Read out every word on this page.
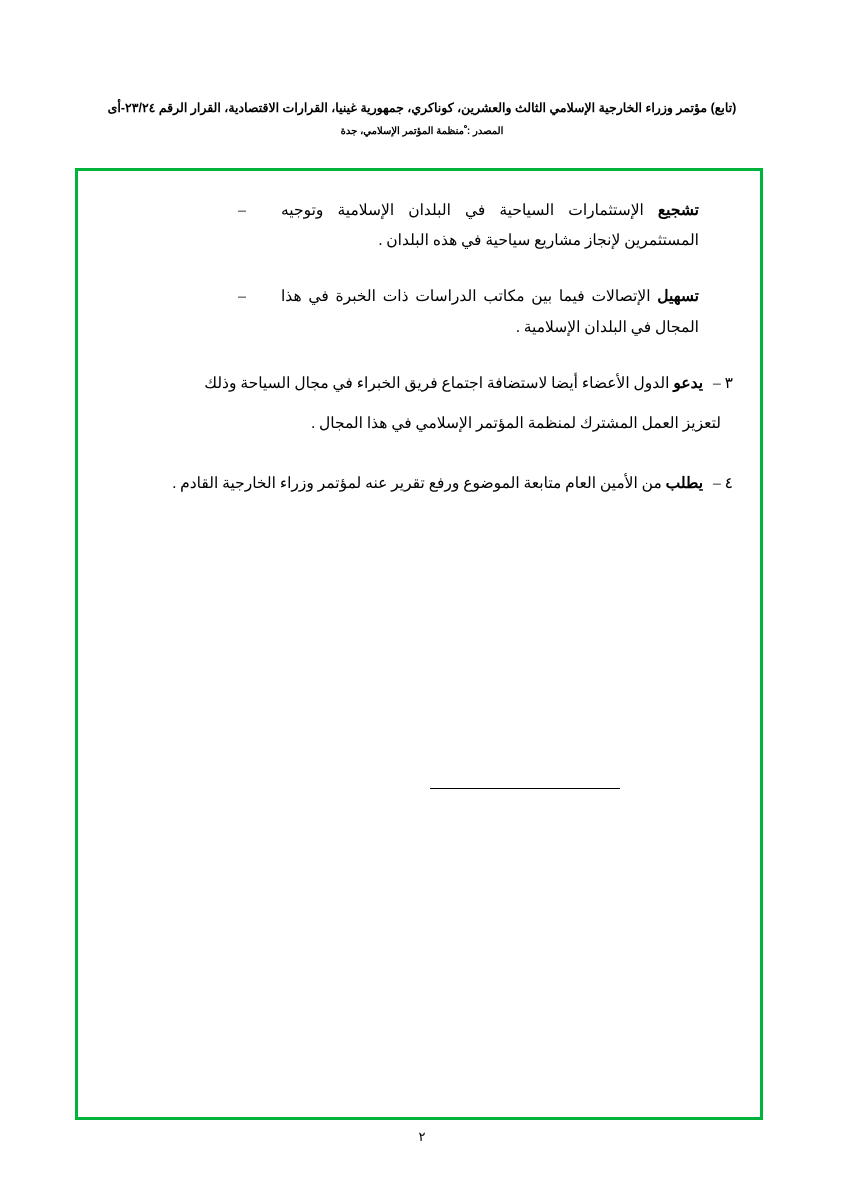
(تابع) مؤتمر وزراء الخارجية الإسلامي الثالث والعشرين، كوناكري، جمهورية غينيا، القرارات الاقتصادية، القرار الرقم ٢٣/٢٤-أى
المصدر : ْمنظمة المؤتمر الإسلامي، جدة
–	تشجيع الإستثمارات السياحية في البلدان الإسلامية وتوجيه المستثمرين لإنجاز مشاريع سياحية في هذه البلدان .
–	تسهيل الإتصالات فيما بين مكاتب الدراسات ذات الخبرة في هذا المجال في البلدان الإسلامية .
٣ –
يدعو الدول الأعضاء أيضا لاستضافة اجتماع فريق الخبراء في مجال السياحة وذلك
لتعزيز العمل المشترك لمنظمة المؤتمر الإسلامي في هذا المجال .
٤ –
يطلب من الأمين العام متابعة الموضوع ورفع تقرير عنه لمؤتمر وزراء الخارجية القادم .
٢
